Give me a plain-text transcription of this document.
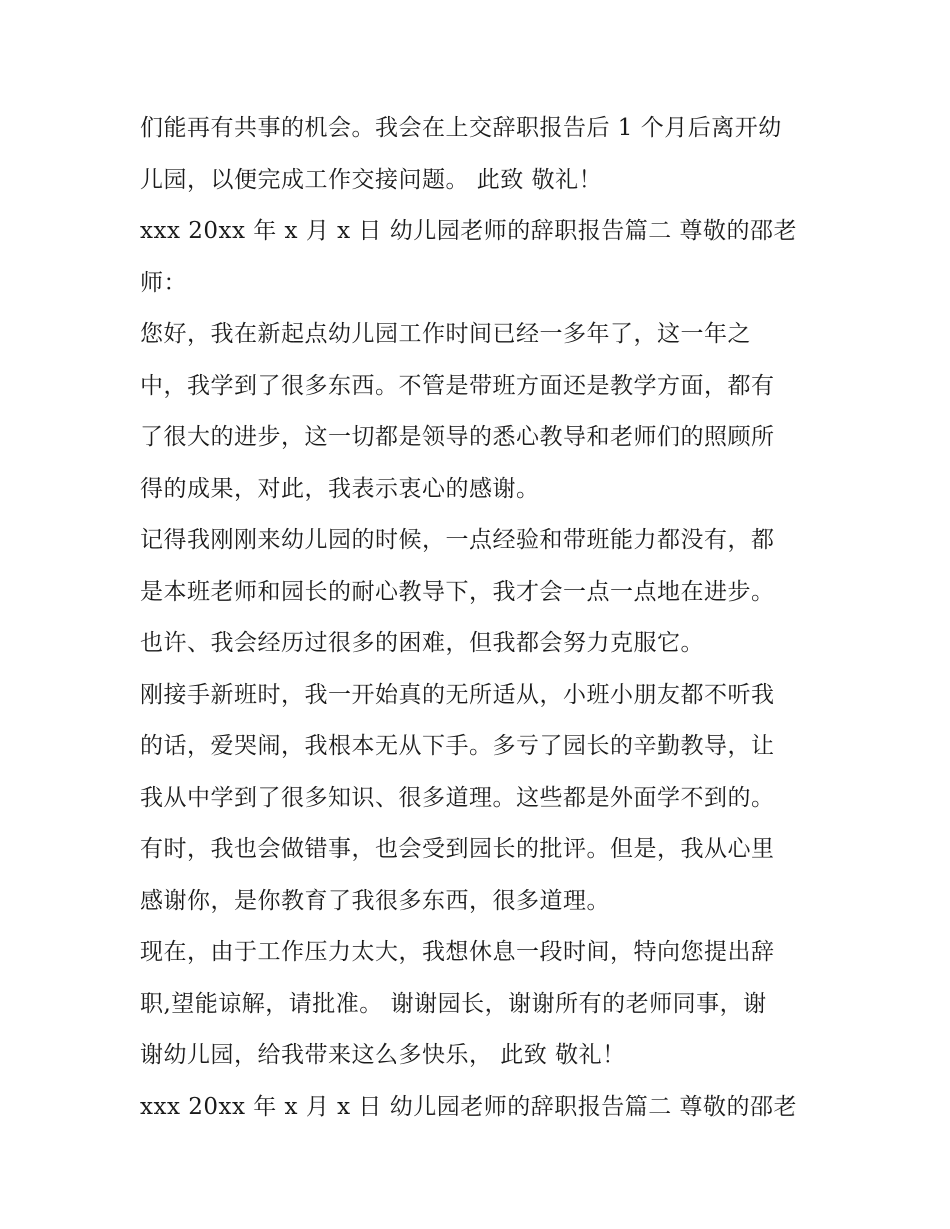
们能再有共事的机会。我会在上交辞职报告后 1 个月后离开幼
儿园，以便完成工作交接问题。 此致 敬礼！
xxx 20xx 年 x 月 x 日 幼儿园老师的辞职报告篇二 尊敬的邵老
师：
您好，我在新起点幼儿园工作时间已经一多年了，这一年之
中，我学到了很多东西。不管是带班方面还是教学方面，都有
了很大的进步，这一切都是领导的悉心教导和老师们的照顾所
得的成果，对此，我表示衷心的感谢。
记得我刚刚来幼儿园的时候，一点经验和带班能力都没有，都
是本班老师和园长的耐心教导下，我才会一点一点地在进步。
也许、我会经历过很多的困难，但我都会努力克服它。
刚接手新班时，我一开始真的无所适从，小班小朋友都不听我
的话，爱哭闹，我根本无从下手。多亏了园长的辛勤教导，让
我从中学到了很多知识、很多道理。这些都是外面学不到的。
有时，我也会做错事，也会受到园长的批评。但是，我从心里
感谢你，是你教育了我很多东西，很多道理。
现在，由于工作压力太大，我想休息一段时间，特向您提出辞
职,望能谅解，请批准。 谢谢园长，谢谢所有的老师同事，谢
谢幼儿园，给我带来这么多快乐， 此致 敬礼！
xxx 20xx 年 x 月 x 日 幼儿园老师的辞职报告篇二 尊敬的邵老
